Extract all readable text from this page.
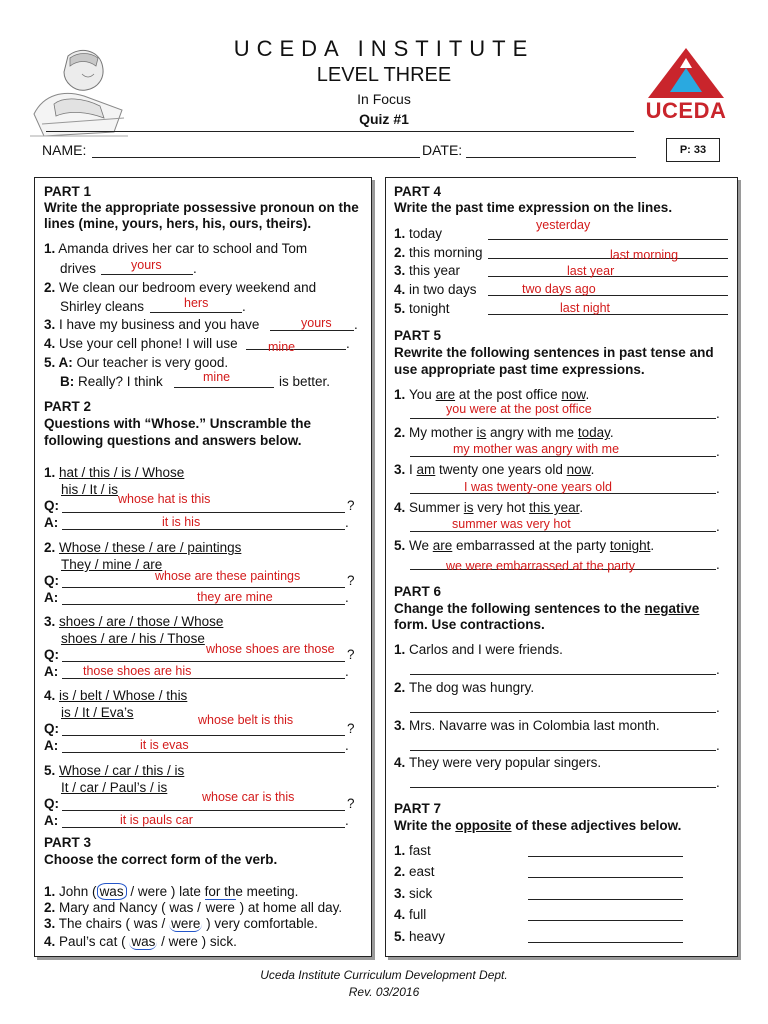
UCEDA INSTITUTE
LEVEL THREE
In Focus
Quiz #1	UCEDA
NAME:	DATE:	P: 33
PART 1
Write the appropriate possessive pronoun on the
lines (mine, yours, hers, his, ours, theirs).
1. Amanda drives her car to school and Tom
drives	.
yours
2. We clean our bedroom every weekend and
Shirley cleans	.
hers
3. I have my business and you have	.
yours
4. Use your cell phone! I will use	.
mine
5. A: Our teacher is very good.
B: Really? I think	is better.
mine
PART 2
Questions with “Whose.” Unscramble the
following questions and answers below.
1. hat / this / is / Whose
his / It / is
Q:	?
whose hat is this
A:	.
it is his
2. Whose / these / are / paintings
They / mine / are
Q:	?
whose are these paintings
A:	.
they are mine
3. shoes / are / those / Whose
shoes / are / his / Those
Q:	?
whose shoes are those
A:	.
those shoes are his
4. is / belt / Whose / this
is / It / Eva’s
Q:	?
whose belt is this
A:	.
it is evas
5. Whose / car / this / is
It / car / Paul’s / is
Q:	?
whose car is this
A:	.
it is pauls car
PART 3
Choose the correct form of the verb.
1. John ( was / were ) late for the meeting.
2. Mary and Nancy ( was / were ) at home all day.
3. The chairs ( was / were ) very comfortable.
4. Paul’s cat ( was / were ) sick.
PART 4
Write the past time expression on the lines.
1. today
yesterday
2. this morning	last morning
3. this year	last year
4. in two days	two days ago
5. tonight	last night
PART 5
Rewrite the following sentences in past tense and
use appropriate past time expressions.
1. You are at the post office now.
.
you were at the post office
2. My mother is angry with me today.
.
my mother was angry with me
3. I am twenty one years old now.
.
I was twenty-one years old
4. Summer is very hot this year.
.
summer was very hot
5. We are embarrassed at the party tonight.
.
we were embarrassed at the party
PART 6
Change the following sentences to the negative
form. Use contractions.
1. Carlos and I were friends.
.
2. The dog was hungry.
.
3. Mrs. Navarre was in Colombia last month.
.
4. They were very popular singers.
.
PART 7
Write the opposite of these adjectives below.
1. fast
2. east
3. sick
4. full
5. heavy
Uceda Institute Curriculum Development Dept.
Rev. 03/2016
